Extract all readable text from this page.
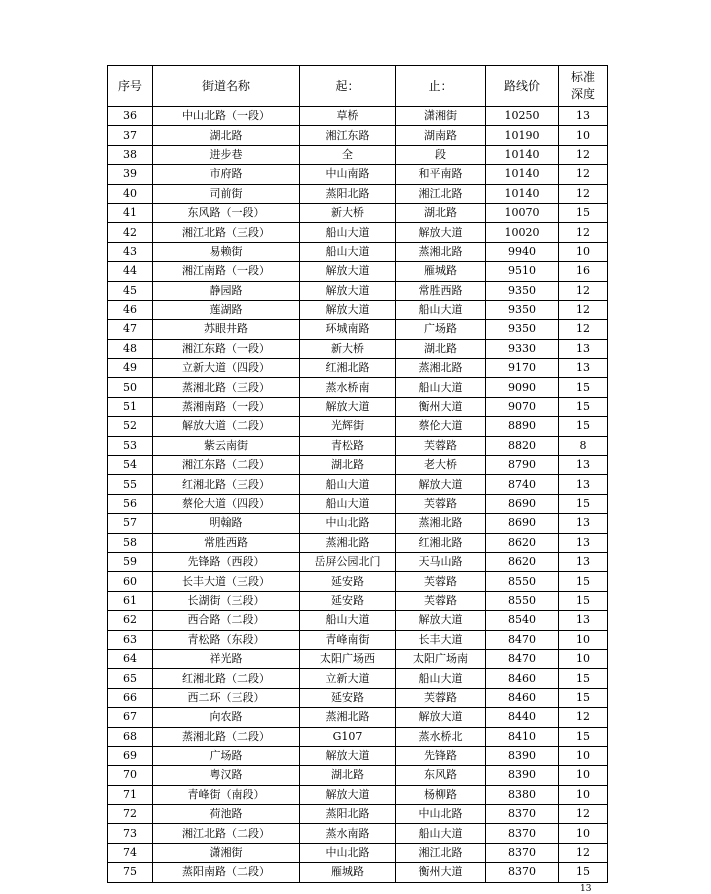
序号	街道名称	起：	止：	路线价	标准
深度
36	中山北路（一段）	草桥	潇湘街	10250	13
37	湖北路	湘江东路	湖南路	10190	10
38	进步巷	全	段	10140	12
39	市府路	中山南路	和平南路	10140	12
40	司前街	蒸阳北路	湘江北路	10140	12
41	东风路（一段）	新大桥	湖北路	10070	15
42	湘江北路（三段）	船山大道	解放大道	10020	12
43	易赖街	船山大道	蒸湘北路	9940	10
44	湘江南路（一段）	解放大道	雁城路	9510	16
45	静园路	解放大道	常胜西路	9350	12
46	莲湖路	解放大道	船山大道	9350	12
47	苏眼井路	环城南路	广场路	9350	12
48	湘江东路（一段）	新大桥	湖北路	9330	13
49	立新大道（四段）	红湘北路	蒸湘北路	9170	13
50	蒸湘北路（三段）	蒸水桥南	船山大道	9090	15
51	蒸湘南路（一段）	解放大道	衡州大道	9070	15
52	解放大道（二段）	光辉街	蔡伦大道	8890	15
53	紫云南街	青松路	芙蓉路	8820	8
54	湘江东路（二段）	湖北路	老大桥	8790	13
55	红湘北路（三段）	船山大道	解放大道	8740	13
56	蔡伦大道（四段）	船山大道	芙蓉路	8690	15
57	明翰路	中山北路	蒸湘北路	8690	13
58	常胜西路	蒸湘北路	红湘北路	8620	13
59	先锋路（西段）	岳屏公园北门	天马山路	8620	13
60	长丰大道（三段）	延安路	芙蓉路	8550	15
61	长湖街（三段）	延安路	芙蓉路	8550	15
62	西合路（二段）	船山大道	解放大道	8540	13
63	青松路（东段）	青峰南街	长丰大道	8470	10
64	祥光路	太阳广场西	太阳广场南	8470	10
65	红湘北路（二段）	立新大道	船山大道	8460	15
66	西二环（三段）	延安路	芙蓉路	8460	15
67	向农路	蒸湘北路	解放大道	8440	12
68	蒸湘北路（二段）	G107	蒸水桥北	8410	15
69	广场路	解放大道	先锋路	8390	10
70	粤汉路	湖北路	东风路	8390	10
71	青峰街（南段）	解放大道	杨柳路	8380	10
72	荷池路	蒸阳北路	中山北路	8370	12
73	湘江北路（二段）	蒸水南路	船山大道	8370	10
74	潇湘街	中山北路	湘江北路	8370	12
75	蒸阳南路（二段）	雁城路	衡州大道	8370	15
13
